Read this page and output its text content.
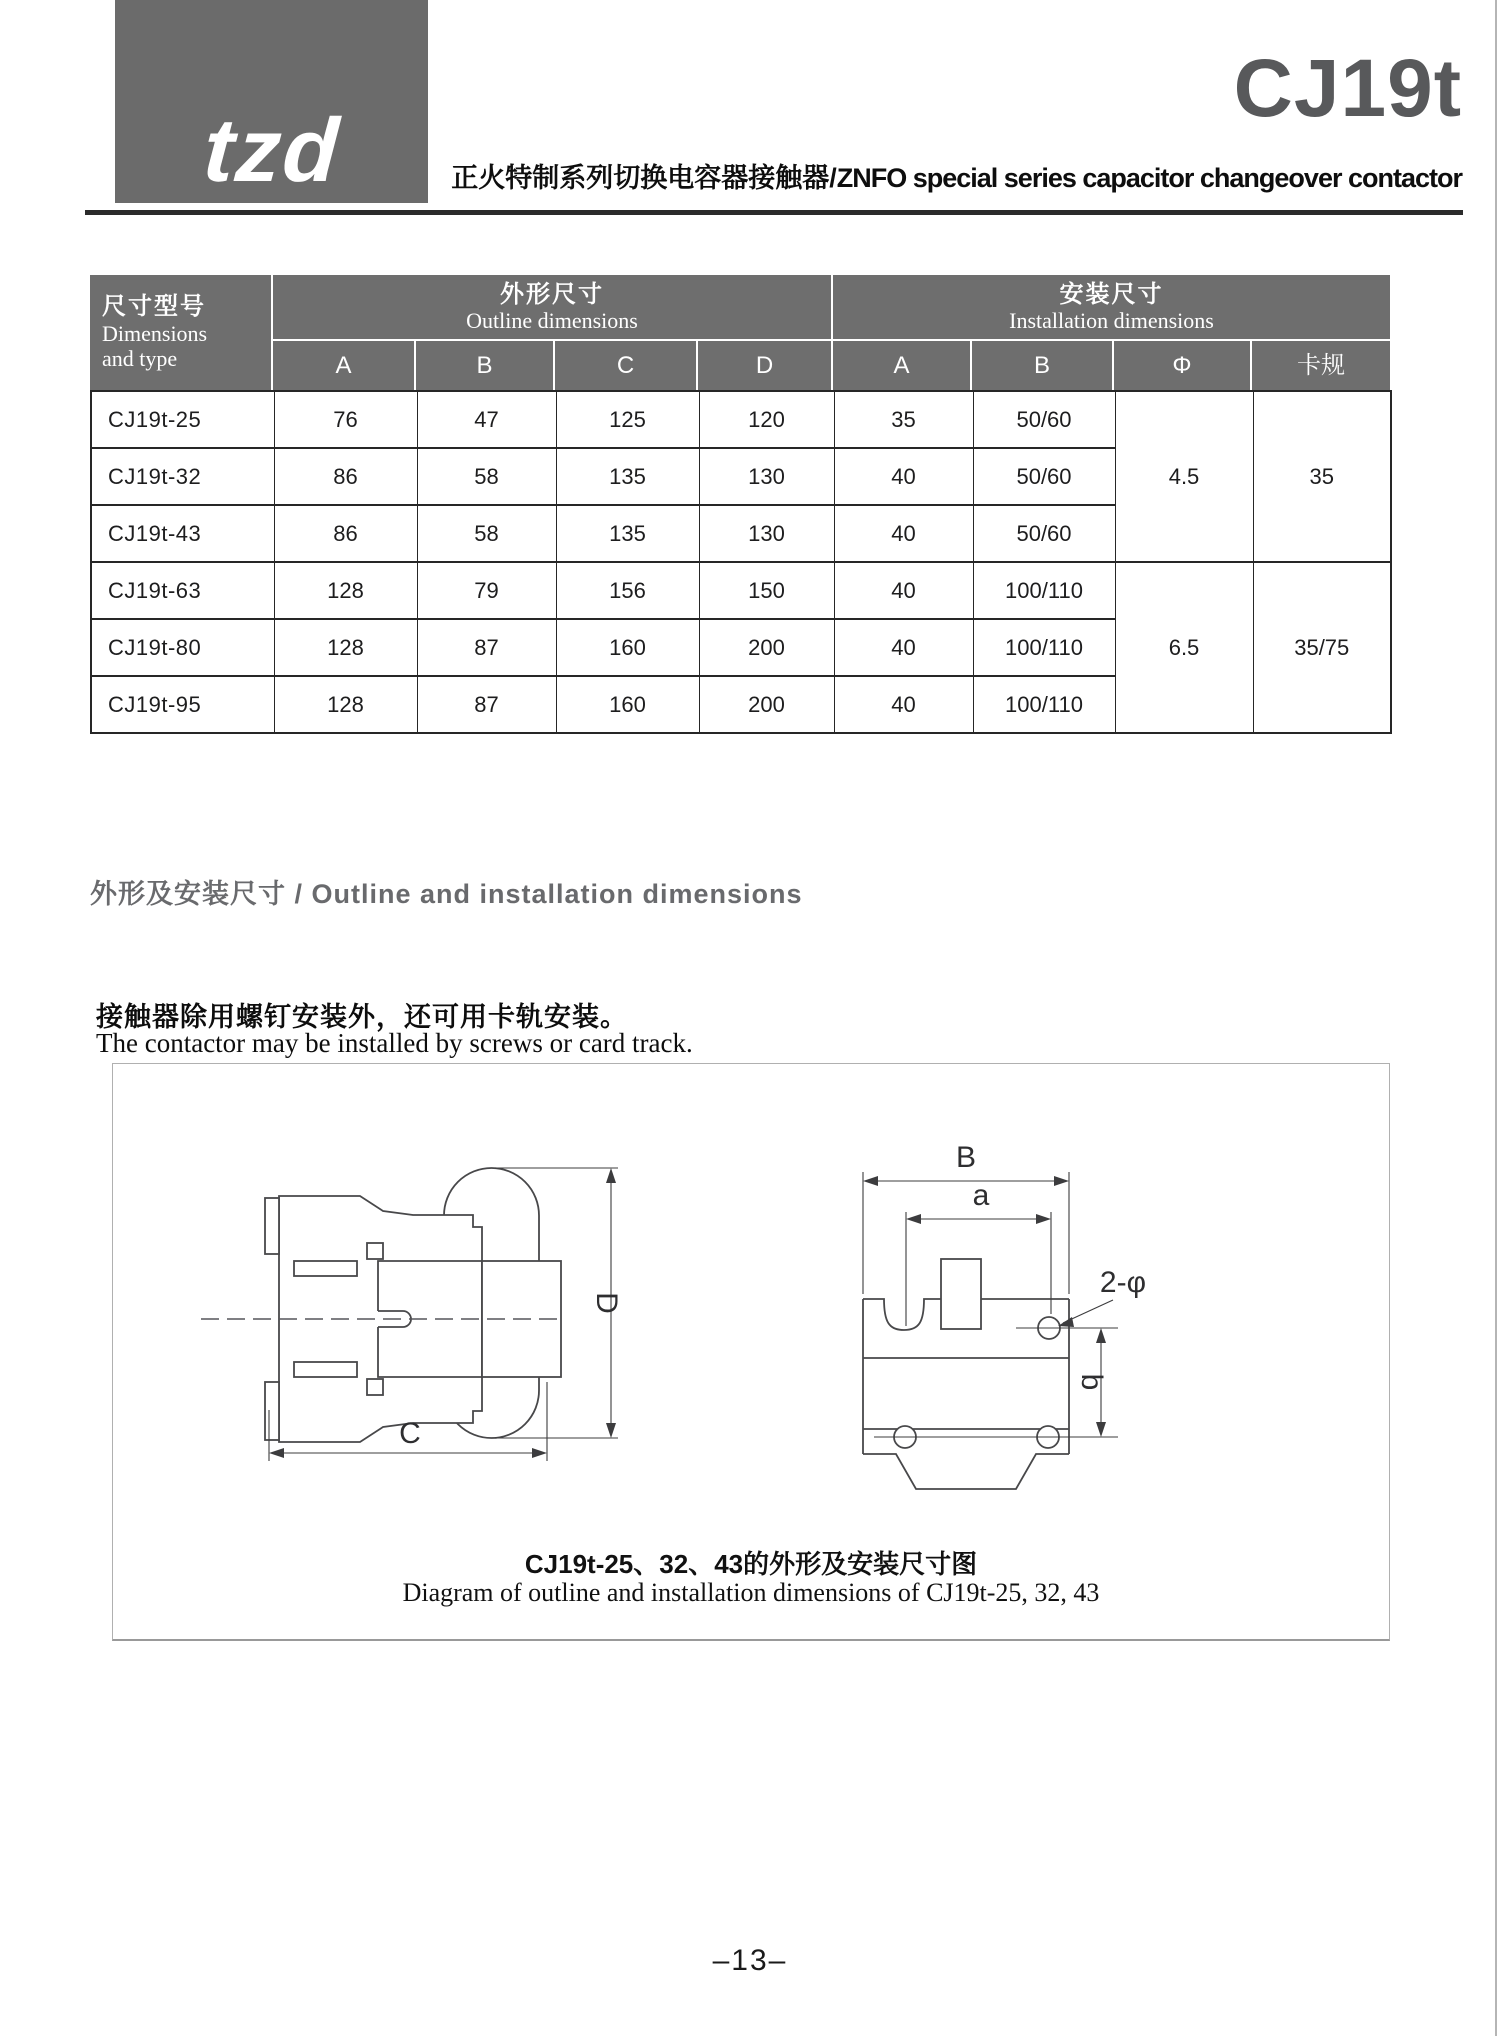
tzd
CJ19t
正火特制系列切换电容器接触器/ZNFO special series capacitor changeover contactor
尺寸型号
Dimensions
and type
外形尺寸
Outline dimensions
安装尺寸
Installation dimensions
A	B	C	D	A	B	Φ	卡规
CJ19t-25	76	47	125	120	35	50/60	4.5	35
CJ19t-32	86	58	135	130	40	50/60		
CJ19t-43	86	58	135	130	40	50/60		
CJ19t-63	128	79	156	150	40	100/110	6.5	35/75
CJ19t-80	128	87	160	200	40	100/110		
CJ19t-95	128	87	160	200	40	100/110		
外形及安装尺寸 / Outline and installation dimensions
接触器除用螺钉安装外，还可用卡轨安装。
The contactor may be installed by screws or card track.
D
C
B
a
b
2-φ
CJ19t-25、32、43的外形及安装尺寸图
Diagram of outline and installation dimensions of CJ19t-25, 32, 43
–13–
